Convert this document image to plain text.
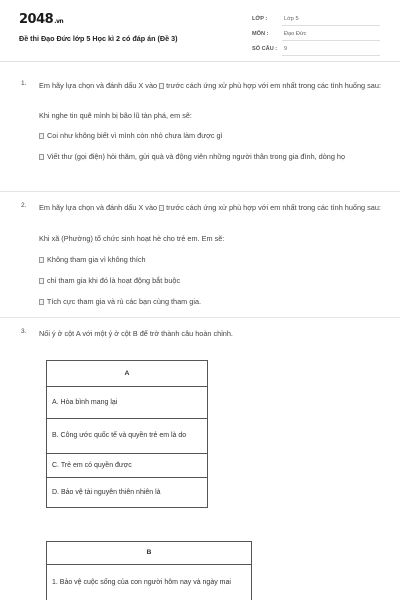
2048.vn
Đề thi Đạo Đức lớp 5 Học kì 2 có đáp án (Đề 3)
LỚP :	Lớp 5
MÔN :	Đạo Đức
SỐ CÂU : 9
1. Em hãy lựa chọn và đánh dấu X vào  trước cách ứng xử phù hợp với em nhất trong các tình huống sau:
Khi nghe tin quê mình bị bão lũ tàn phá, em sẽ:
Coi như không biết vì mình còn nhỏ chưa làm được gì
Viết thư (gọi điện) hỏi thăm, gửi quà và động viên những người thân trong gia đình, dòng họ
2. Em hãy lựa chọn và đánh dấu X vào  trước cách ứng xử phù hợp với em nhất trong các tình huống sau:
Khi xã (Phường) tổ chức sinh hoạt hè cho trẻ em. Em sẽ:
Không tham gia vì không thích
chỉ tham gia khi đó là hoạt động bắt buộc
Tích cực tham gia và rủ các bạn cùng tham gia.
3. Nối ý ở cột A với một ý ở cột B để trở thành câu hoàn chỉnh.
A
A. Hòa bình mang lại
B. Công ước quốc tế và quyền trẻ em là do
C. Trẻ em có quyền được
D. Bảo vệ tài nguyên thiên nhiên là
B
1. Bảo vệ cuộc sống của con người hôm nay và ngày mai
